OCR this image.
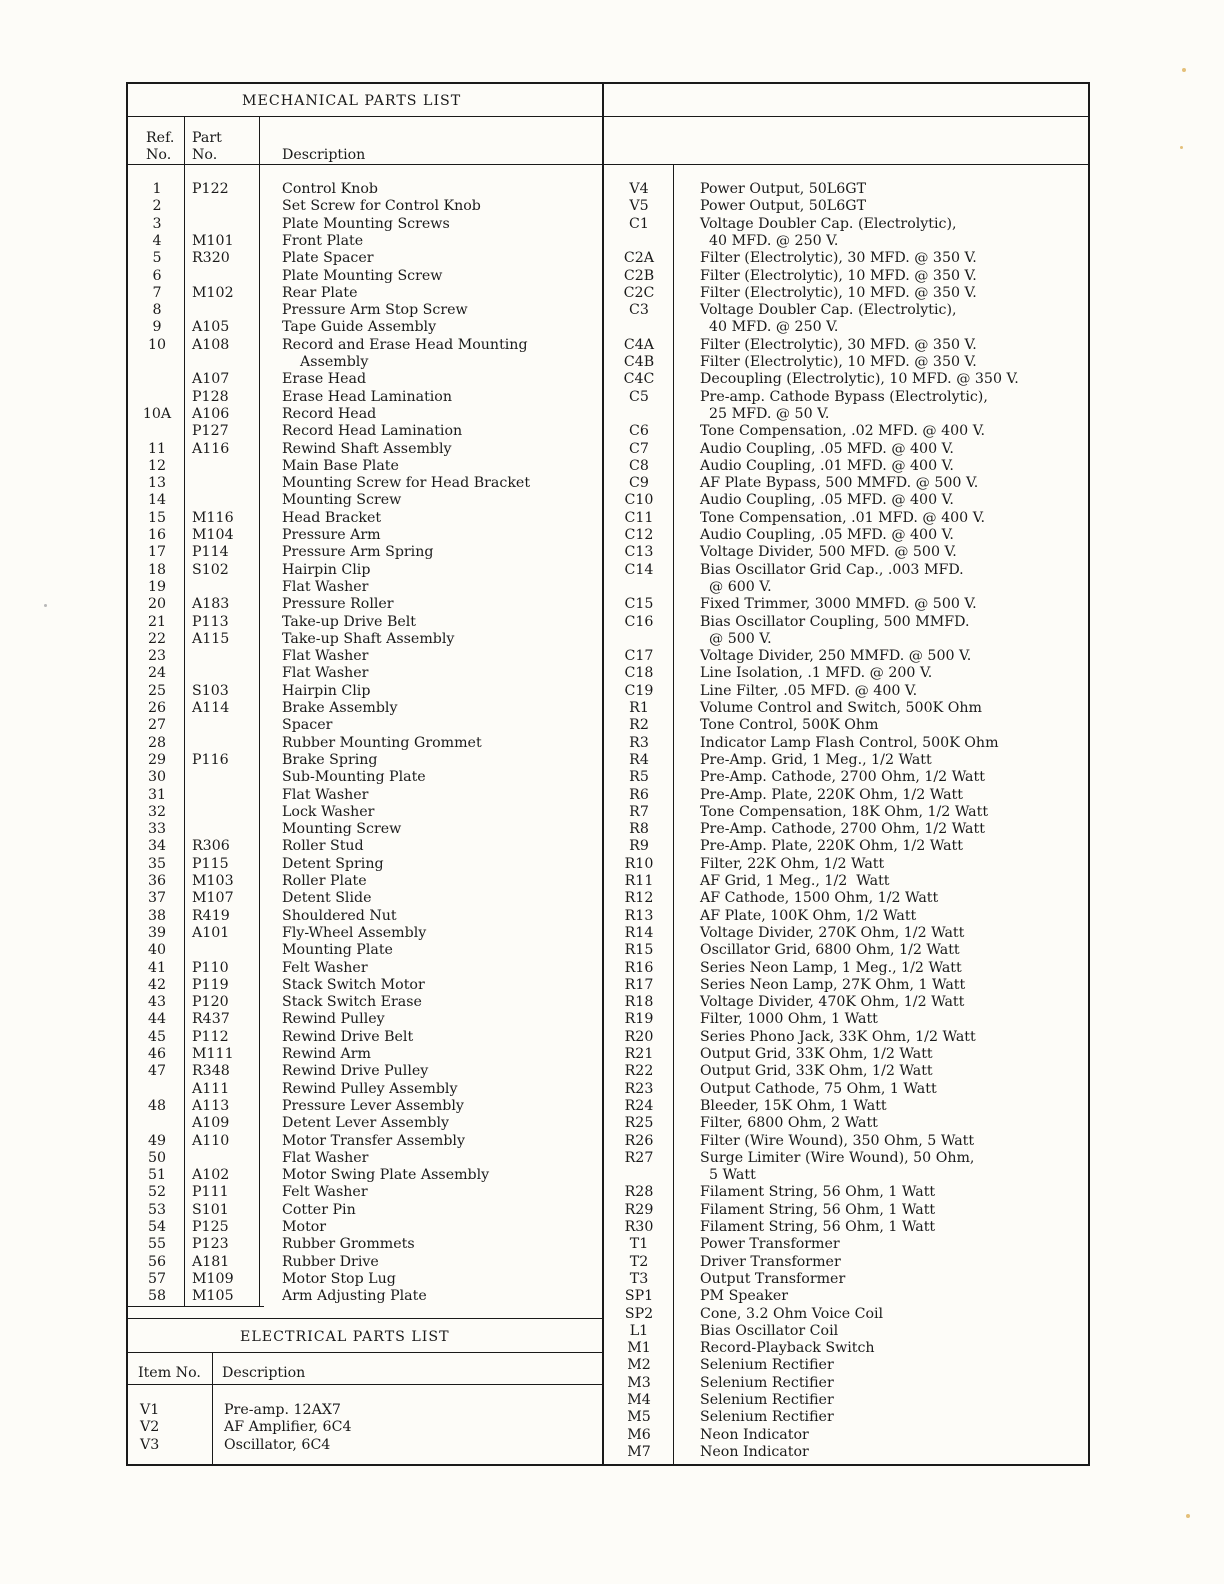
MECHANICAL PARTS LIST
Ref.
No.
Part
No.	Description
ELECTRICAL PARTS LIST
Item No. Description
1
2
3
4
5
6
7
8
9
10
10A
11
12
13
14
15
16
17
18
19
20
21
22
23
24
25
26
27
28
29
30
31
32
33
34
35
36
37
38
39
40
41
42
43
44
45
46
47
48
49
50
51
52
53
54
55
56
57
58
P122
M101
R320
M102
A105
A108
A107
P128
A106
P127
A116
M116
M104
P114
S102
A183
P113
A115
S103
A114
P116
R306
P115
M103
M107
R419
A101
P110
P119
P120
R437
P112
M111
R348
A111
A113
A109
A110
A102
P111
S101
P125
P123
A181
M109
M105
Control Knob
Set Screw for Control Knob
Plate Mounting Screws
Front Plate
Plate Spacer
Plate Mounting Screw
Rear Plate
Pressure Arm Stop Screw
Tape Guide Assembly
Record and Erase Head Mounting
Assembly
Erase Head
Erase Head Lamination
Record Head
Record Head Lamination
Rewind Shaft Assembly
Main Base Plate
Mounting Screw for Head Bracket
Mounting Screw
Head Bracket
Pressure Arm
Pressure Arm Spring
Hairpin Clip
Flat Washer
Pressure Roller
Take-up Drive Belt
Take-up Shaft Assembly
Flat Washer
Flat Washer
Hairpin Clip
Brake Assembly
Spacer
Rubber Mounting Grommet
Brake Spring
Sub-Mounting Plate
Flat Washer
Lock Washer
Mounting Screw
Roller Stud
Detent Spring
Roller Plate
Detent Slide
Shouldered Nut
Fly-Wheel Assembly
Mounting Plate
Felt Washer
Stack Switch Motor
Stack Switch Erase
Rewind Pulley
Rewind Drive Belt
Rewind Arm
Rewind Drive Pulley
Rewind Pulley Assembly
Pressure Lever Assembly
Detent Lever Assembly
Motor Transfer Assembly
Flat Washer
Motor Swing Plate Assembly
Felt Washer
Cotter Pin
Motor
Rubber Grommets
Rubber Drive
Motor Stop Lug
Arm Adjusting Plate
V1
V2
V3
Pre-amp. 12AX7
AF Amplifier, 6C4
Oscillator, 6C4
V4
V5
C1
C2A
C2B
C2C
C3
C4A
C4B
C4C
C5
C6
C7
C8
C9
C10
C11
C12
C13
C14
C15
C16
C17
C18
C19
R1
R2
R3
R4
R5
R6
R7
R8
R9
R10
R11
R12
R13
R14
R15
R16
R17
R18
R19
R20
R21
R22
R23
R24
R25
R26
R27
R28
R29
R30
T1
T2
T3
SP1
SP2
L1
M1
M2
M3
M4
M5
M6
M7
Power Output, 50L6GT
Power Output, 50L6GT
Voltage Doubler Cap. (Electrolytic),
40 MFD. @ 250 V.
Filter (Electrolytic), 30 MFD. @ 350 V.
Filter (Electrolytic), 10 MFD. @ 350 V.
Filter (Electrolytic), 10 MFD. @ 350 V.
Voltage Doubler Cap. (Electrolytic),
40 MFD. @ 250 V.
Filter (Electrolytic), 30 MFD. @ 350 V.
Filter (Electrolytic), 10 MFD. @ 350 V.
Decoupling (Electrolytic), 10 MFD. @ 350 V.
Pre-amp. Cathode Bypass (Electrolytic),
25 MFD. @ 50 V.
Tone Compensation, .02 MFD. @ 400 V.
Audio Coupling, .05 MFD. @ 400 V.
Audio Coupling, .01 MFD. @ 400 V.
AF Plate Bypass, 500 MMFD. @ 500 V.
Audio Coupling, .05 MFD. @ 400 V.
Tone Compensation, .01 MFD. @ 400 V.
Audio Coupling, .05 MFD. @ 400 V.
Voltage Divider, 500 MFD. @ 500 V.
Bias Oscillator Grid Cap., .003 MFD.
@ 600 V.
Fixed Trimmer, 3000 MMFD. @ 500 V.
Bias Oscillator Coupling, 500 MMFD.
@ 500 V.
Voltage Divider, 250 MMFD. @ 500 V.
Line Isolation, .1 MFD. @ 200 V.
Line Filter, .05 MFD. @ 400 V.
Volume Control and Switch, 500K Ohm
Tone Control, 500K Ohm
Indicator Lamp Flash Control, 500K Ohm
Pre-Amp. Grid, 1 Meg., 1/2 Watt
Pre-Amp. Cathode, 2700 Ohm, 1/2 Watt
Pre-Amp. Plate, 220K Ohm, 1/2 Watt
Tone Compensation, 18K Ohm, 1/2 Watt
Pre-Amp. Cathode, 2700 Ohm, 1/2 Watt
Pre-Amp. Plate, 220K Ohm, 1/2 Watt
Filter, 22K Ohm, 1/2 Watt
AF Grid, 1 Meg., 1/2  Watt
AF Cathode, 1500 Ohm, 1/2 Watt
AF Plate, 100K Ohm, 1/2 Watt
Voltage Divider, 270K Ohm, 1/2 Watt
Oscillator Grid, 6800 Ohm, 1/2 Watt
Series Neon Lamp, 1 Meg., 1/2 Watt
Series Neon Lamp, 27K Ohm, 1 Watt
Voltage Divider, 470K Ohm, 1/2 Watt
Filter, 1000 Ohm, 1 Watt
Series Phono Jack, 33K Ohm, 1/2 Watt
Output Grid, 33K Ohm, 1/2 Watt
Output Grid, 33K Ohm, 1/2 Watt
Output Cathode, 75 Ohm, 1 Watt
Bleeder, 15K Ohm, 1 Watt
Filter, 6800 Ohm, 2 Watt
Filter (Wire Wound), 350 Ohm, 5 Watt
Surge Limiter (Wire Wound), 50 Ohm,
5 Watt
Filament String, 56 Ohm, 1 Watt
Filament String, 56 Ohm, 1 Watt
Filament String, 56 Ohm, 1 Watt
Power Transformer
Driver Transformer
Output Transformer
PM Speaker
Cone, 3.2 Ohm Voice Coil
Bias Oscillator Coil
Record-Playback Switch
Selenium Rectifier
Selenium Rectifier
Selenium Rectifier
Selenium Rectifier
Neon Indicator
Neon Indicator
